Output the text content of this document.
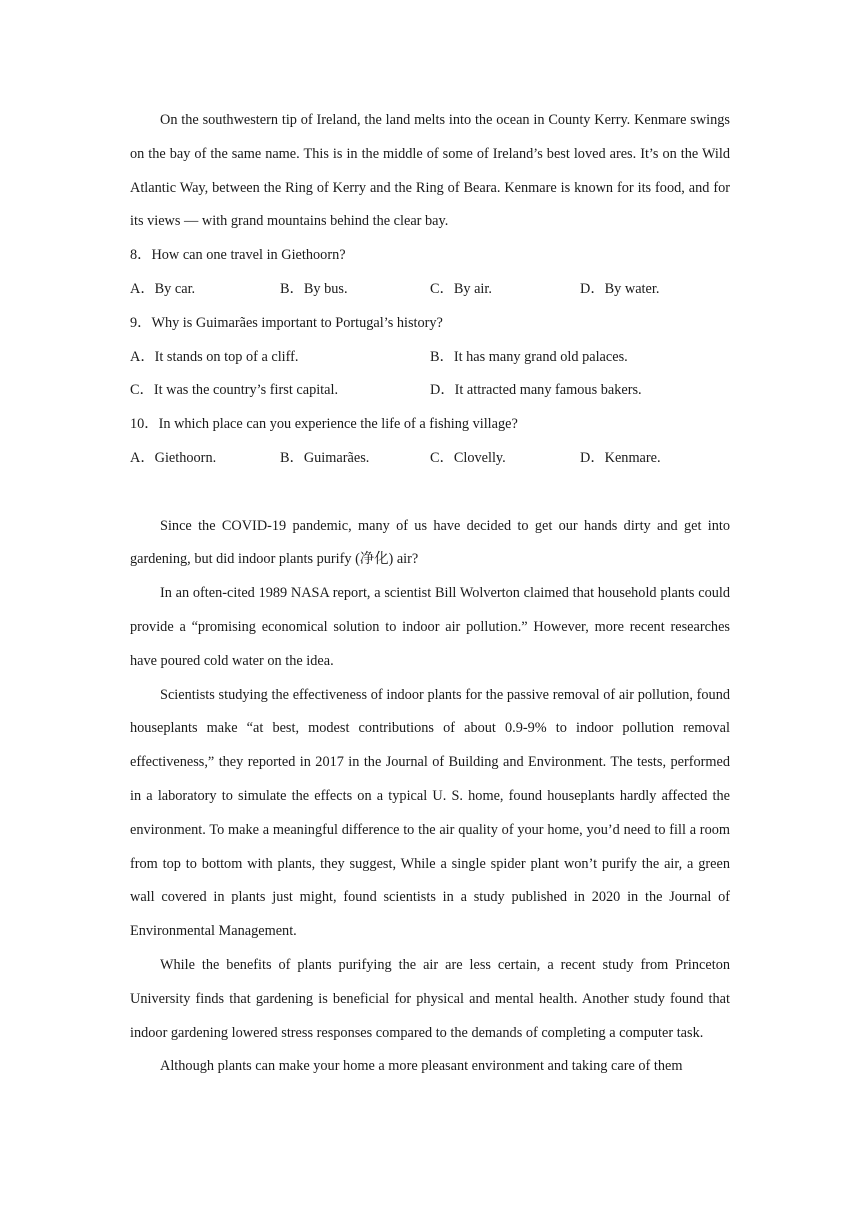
On the southwestern tip of Ireland, the land melts into the ocean in County Kerry. Kenmare swings on the bay of the same name. This is in the middle of some of Ireland’s best loved ares. It’s on the Wild Atlantic Way, between the Ring of Kerry and the Ring of Beara. Kenmare is known for its food, and for its views — with grand mountains behind the clear bay.

8．How can one travel in Giethoorn?

A．By car.	B．By bus.	C．By air.	D．By water.

9．Why is Guimarães important to Portugal’s history?

A．It stands on top of a cliff.	B．It has many grand old palaces.
C．It was the country’s first capital.	D．It attracted many famous bakers.

10．In which place can you experience the life of a fishing village?

A．Giethoorn.	B．Guimarães.	C．Clovelly.	D．Kenmare.

Since the COVID-19 pandemic, many of us have decided to get our hands dirty and get into gardening, but did indoor plants purify (净化) air?

In an often-cited 1989 NASA report, a scientist Bill Wolverton claimed that household plants could provide a “promising economical solution to indoor air pollution.” However, more recent researches have poured cold water on the idea.

Scientists studying the effectiveness of indoor plants for the passive removal of air pollution, found houseplants make “at best, modest contributions of about 0.9-9% to indoor pollution removal effectiveness,” they reported in 2017 in the Journal of Building and Environment. The tests, performed in a laboratory to simulate the effects on a typical U. S. home, found houseplants hardly affected the environment. To make a meaningful difference to the air quality of your home, you’d need to fill a room from top to bottom with plants, they suggest, While a single spider plant won’t purify the air, a green wall covered in plants just might, found scientists in a study published in 2020 in the Journal of Environmental Management.

While the benefits of plants purifying the air are less certain, a recent study from Princeton University finds that gardening is beneficial for physical and mental health. Another study found that indoor gardening lowered stress responses compared to the demands of completing a computer task.

Although plants can make your home a more pleasant environment and taking care of them
